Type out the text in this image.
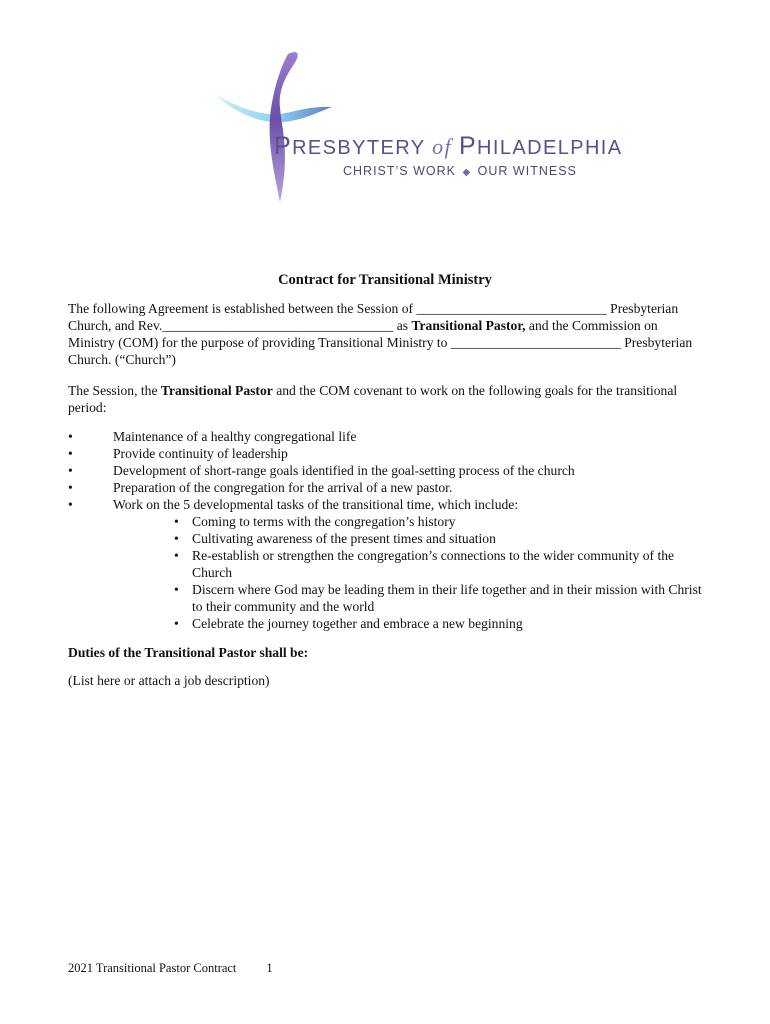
PRESBYTERY of PHILADELPHIA
CHRIST’S WORK ◆ OUR WITNESS
Contract for Transitional Ministry
The following Agreement is established between the Session of ____________________________ Presbyterian Church, and Rev.__________________________________ as Transitional Pastor, and the Commission on Ministry (COM) for the purpose of providing Transitional Ministry to _________________________ Presbyterian Church. (“Church”)
The Session, the Transitional Pastor and the COM covenant to work on the following goals for the transitional period:
•	Maintenance of a healthy congregational life
•	Provide continuity of leadership
•	Development of short-range goals identified in the goal-setting process of the church
•	Preparation of the congregation for the arrival of a new pastor.
•	Work on the 5 developmental tasks of the transitional time, which include:
• Coming to terms with the congregation’s history
• Cultivating awareness of the present times and situation
• Re-establish or strengthen the congregation’s connections to the wider community of the Church
• Discern where God may be leading them in their life together and in their mission with Christ to their community and the world
• Celebrate the journey together and embrace a new beginning
Duties of the Transitional Pastor shall be:
(List here or attach a job description)
2021 Transitional Pastor Contract 1
